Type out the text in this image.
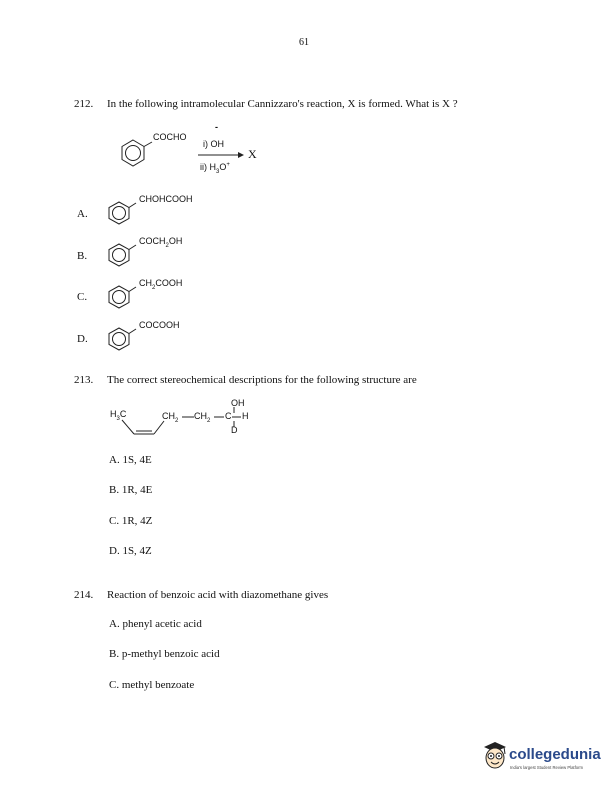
61
212. In the following intramolecular Cannizzaro's reaction, X is formed. What is X ?
COCHO
-
i) OH
ii) $H_3O^+$
X
A.
CHOHCOOH
B.
$COCH_2OH$
C.
$CH_2COOH$
D.
COCOOH
213. The correct stereochemical descriptions for the following structure are
$H_3C$	$CH_2$ $CH_2$
OH
C H
D
A. 1S, 4E
B. 1R, 4E
C. 1R, 4Z
D. 1S, 4Z
214. Reaction of benzoic acid with diazomethane gives
A. phenyl acetic acid
B. p-methyl benzoic acid
C. methyl benzoate
collegedunia
India's largest Student Review Platform
